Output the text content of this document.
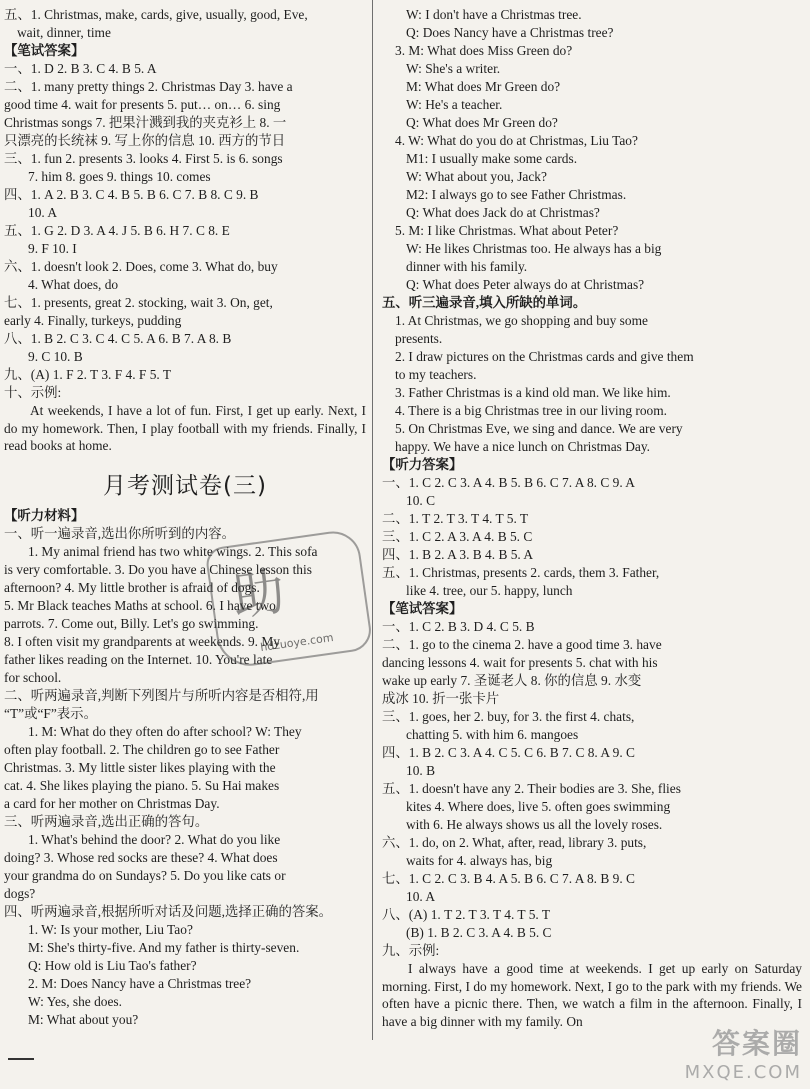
五、1. Christmas, make, cards, give, usually, good, Eve,
wait, dinner, time
【笔试答案】
一、1. D 2. B 3. C 4. B 5. A
二、1. many pretty things 2. Christmas Day 3. have a
good time 4. wait for presents 5. put… on… 6. sing
Christmas songs 7. 把果汁溅到我的夹克衫上 8. 一
只漂亮的长统袜 9. 写上你的信息 10. 西方的节日
三、1. fun 2. presents 3. looks 4. First 5. is 6. songs
7. him 8. goes 9. things 10. comes
四、1. A 2. B 3. C 4. B 5. B 6. C 7. B 8. C 9. B
10. A
五、1. G 2. D 3. A 4. J 5. B 6. H 7. C 8. E
9. F 10. I
六、1. doesn't look 2. Does, come 3. What do, buy
4. What does, do
七、1. presents, great 2. stocking, wait 3. On, get,
early 4. Finally, turkeys, pudding
八、1. B 2. C 3. C 4. C 5. A 6. B 7. A 8. B
9. C 10. B
九、(A) 1. F 2. T 3. F 4. F 5. T
十、示例:
At weekends, I have a lot of fun. First, I get up early. Next, I do my homework. Then, I play football with my friends. Finally, I read books at home.
月考测试卷(三)
【听力材料】
一、听一遍录音,选出你所听到的内容。
1. My animal friend has two white wings. 2. This sofa
is very comfortable. 3. Do you have a Chinese lesson this
afternoon? 4. My little brother is afraid of dogs.
5. Mr Black teaches Maths at school. 6. I have two
parrots. 7. Come out, Billy. Let's go swimming.
8. I often visit my grandparents at weekends. 9. My
father likes reading on the Internet. 10. You're late
for school.
二、听两遍录音,判断下列图片与所听内容是否相符,用
“T”或“F”表示。
1. M: What do they often do after school? W: They
often play football. 2. The children go to see Father
Christmas. 3. My little sister likes playing with the
cat. 4. She likes playing the piano. 5. Su Hai makes
a card for her mother on Christmas Day.
三、听两遍录音,选出正确的答句。
1. What's behind the door? 2. What do you like
doing? 3. Whose red socks are these? 4. What does
your grandma do on Sundays? 5. Do you like cats or
dogs?
四、听两遍录音,根据所听对话及问题,选择正确的答案。
1. W: Is your mother, Liu Tao?
M: She's thirty-five. And my father is thirty-seven.
Q: How old is Liu Tao's father?
2. M: Does Nancy have a Christmas tree?
W: Yes, she does.
M: What about you?
W: I don't have a Christmas tree.
Q: Does Nancy have a Christmas tree?
3. M: What does Miss Green do?
W: She's a writer.
M: What does Mr Green do?
W: He's a teacher.
Q: What does Mr Green do?
4. W: What do you do at Christmas, Liu Tao?
M1: I usually make some cards.
W: What about you, Jack?
M2: I always go to see Father Christmas.
Q: What does Jack do at Christmas?
5. M: I like Christmas. What about Peter?
W: He likes Christmas too. He always has a big
dinner with his family.
Q: What does Peter always do at Christmas?
五、听三遍录音,填入所缺的单词。
1. At Christmas, we go shopping and buy some
presents.
2. I draw pictures on the Christmas cards and give them
to my teachers.
3. Father Christmas is a kind old man. We like him.
4. There is a big Christmas tree in our living room.
5. On Christmas Eve, we sing and dance. We are very
happy. We have a nice lunch on Christmas Day.
【听力答案】
一、1. C 2. C 3. A 4. B 5. B 6. C 7. A 8. C 9. A
10. C
二、1. T 2. T 3. T 4. T 5. T
三、1. C 2. A 3. A 4. B 5. C
四、1. B 2. A 3. B 4. B 5. A
五、1. Christmas, presents 2. cards, them 3. Father,
like 4. tree, our 5. happy, lunch
【笔试答案】
一、1. C 2. B 3. D 4. C 5. B
二、1. go to the cinema 2. have a good time 3. have
dancing lessons 4. wait for presents 5. chat with his
wake up early 7. 圣诞老人 8. 你的信息 9. 水变
成冰 10. 折一张卡片
三、1. goes, her 2. buy, for 3. the first 4. chats,
chatting 5. with him 6. mangoes
四、1. B 2. C 3. A 4. C 5. C 6. B 7. C 8. A 9. C
10. B
五、1. doesn't have any 2. Their bodies are 3. She, flies
kites 4. Where does, live 5. often goes swimming
with 6. He always shows us all the lovely roses.
六、1. do, on 2. What, after, read, library 3. puts,
waits for 4. always has, big
七、1. C 2. C 3. B 4. A 5. B 6. C 7. A 8. B 9. C
10. A
八、(A) 1. T 2. T 3. T 4. T 5. T
(B) 1. B 2. C 3. A 4. B 5. C
九、示例:
I always have a good time at weekends. I get up early on Saturday morning. First, I do my homework. Next, I go to the park with my friends. We often have a picnic there. Then, we watch a film in the afternoon. Finally, I have a big dinner with my family. On
助
hdzuoye.com
答案圈
MXQE.COM
